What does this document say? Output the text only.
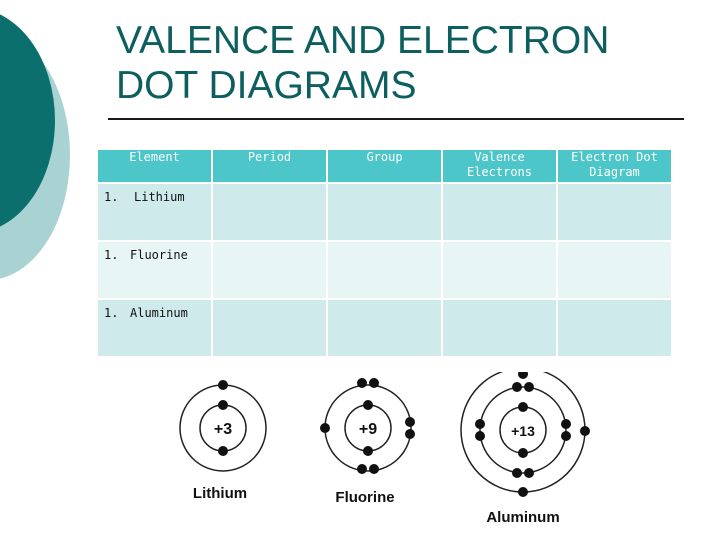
VALENCE AND ELECTRON DOT DIAGRAMS
Element	Period	Group	Valence Electrons	Electron Dot Diagram

1. Lithium				

1. Fluorine				

1. Aluminum				

+3
Lithium
+9
Fluorine
+13
Aluminum
